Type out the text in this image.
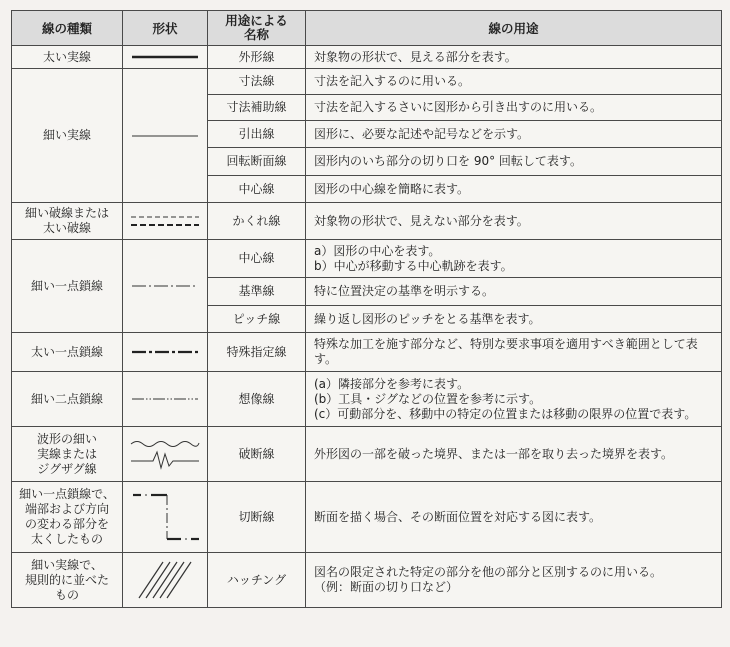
線の種類	形状	用途による名称	線の用途
太い実線		外形線	対象物の形状で、見える部分を表す。
細い実線		寸法線	寸法を記入するのに用いる。
		寸法補助線	寸法を記入するさいに図形から引き出すのに用いる。
		引出線	図形に、必要な記述や記号などを示す。
		回転断面線	図形内のいち部分の切り口を 90° 回転して表す。
		中心線	図形の中心線を簡略に表す。

細い破線または
太い破線		かくれ線	対象物の形状で、見えない部分を表す。
細い一点鎖線		中心線	a）図形の中心を表す。
b）中心が移動する中心軌跡を表す。

		基準線	特に位置決定の基準を明示する。
		ピッチ線	繰り返し図形のピッチをとる基準を表す。
太い一点鎖線		特殊指定線	特殊な加工を施す部分など、特別な要求事項を適用すべき範囲として表す。
細い二点鎖線		想像線	(a）隣接部分を参考に表す。
(b）工具・ジグなどの位置を参考に示す。
(c）可動部分を、移動中の特定の位置または移動の限界の位置で表す。

波形の細い
実線または
ジグザグ線		破断線	外形図の一部を破った境界、または一部を取り去った境界を表す。

細い一点鎖線で、
端部および方向
の変わる部分を
太くしたもの		切断線	断面を描く場合、その断面位置を対応する図に表す。

細い実線で、
規則的に並べた
もの		ハッチング	図名の限定された特定の部分を他の部分と区別するのに用いる。
（例：断面の切り口など）
